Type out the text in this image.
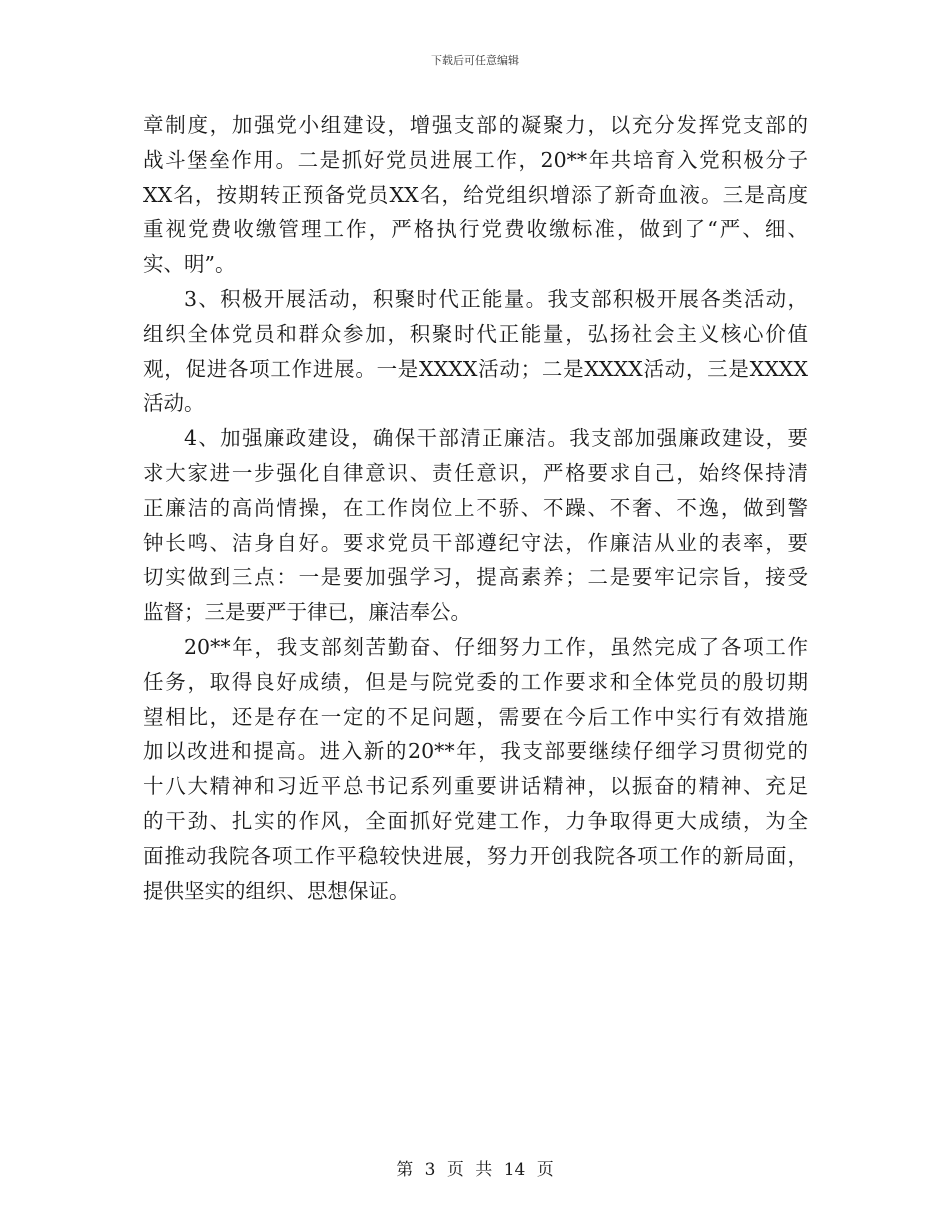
下载后可任意编辑
章制度，加强党小组建设，增强支部的凝聚力，以充分发挥党支部的
战斗堡垒作用。二是抓好党员进展工作，20**年共培育入党积极分子
XX名，按期转正预备党员XX名，给党组织增添了新奇血液。三是高度
重视党费收缴管理工作，严格执行党费收缴标准，做到了“严、细、
实、明”。
3、积极开展活动，积聚时代正能量。我支部积极开展各类活动，
组织全体党员和群众参加，积聚时代正能量，弘扬社会主义核心价值
观，促进各项工作进展。一是XXXX活动；二是XXXX活动，三是XXXX
活动。
4、加强廉政建设，确保干部清正廉洁。我支部加强廉政建设，要
求大家进一步强化自律意识、责任意识，严格要求自己，始终保持清
正廉洁的高尚情操，在工作岗位上不骄、不躁、不奢、不逸，做到警
钟长鸣、洁身自好。要求党员干部遵纪守法，作廉洁从业的表率，要
切实做到三点：一是要加强学习，提高素养；二是要牢记宗旨，接受
监督；三是要严于律已，廉洁奉公。
20**年，我支部刻苦勤奋、仔细努力工作，虽然完成了各项工作
任务，取得良好成绩，但是与院党委的工作要求和全体党员的殷切期
望相比，还是存在一定的不足问题，需要在今后工作中实行有效措施
加以改进和提高。进入新的20**年，我支部要继续仔细学习贯彻党的
十八大精神和习近平总书记系列重要讲话精神，以振奋的精神、充足
的干劲、扎实的作风，全面抓好党建工作，力争取得更大成绩，为全
面推动我院各项工作平稳较快进展，努力开创我院各项工作的新局面，
提供坚实的组织、思想保证。
第 3 页 共 14 页
